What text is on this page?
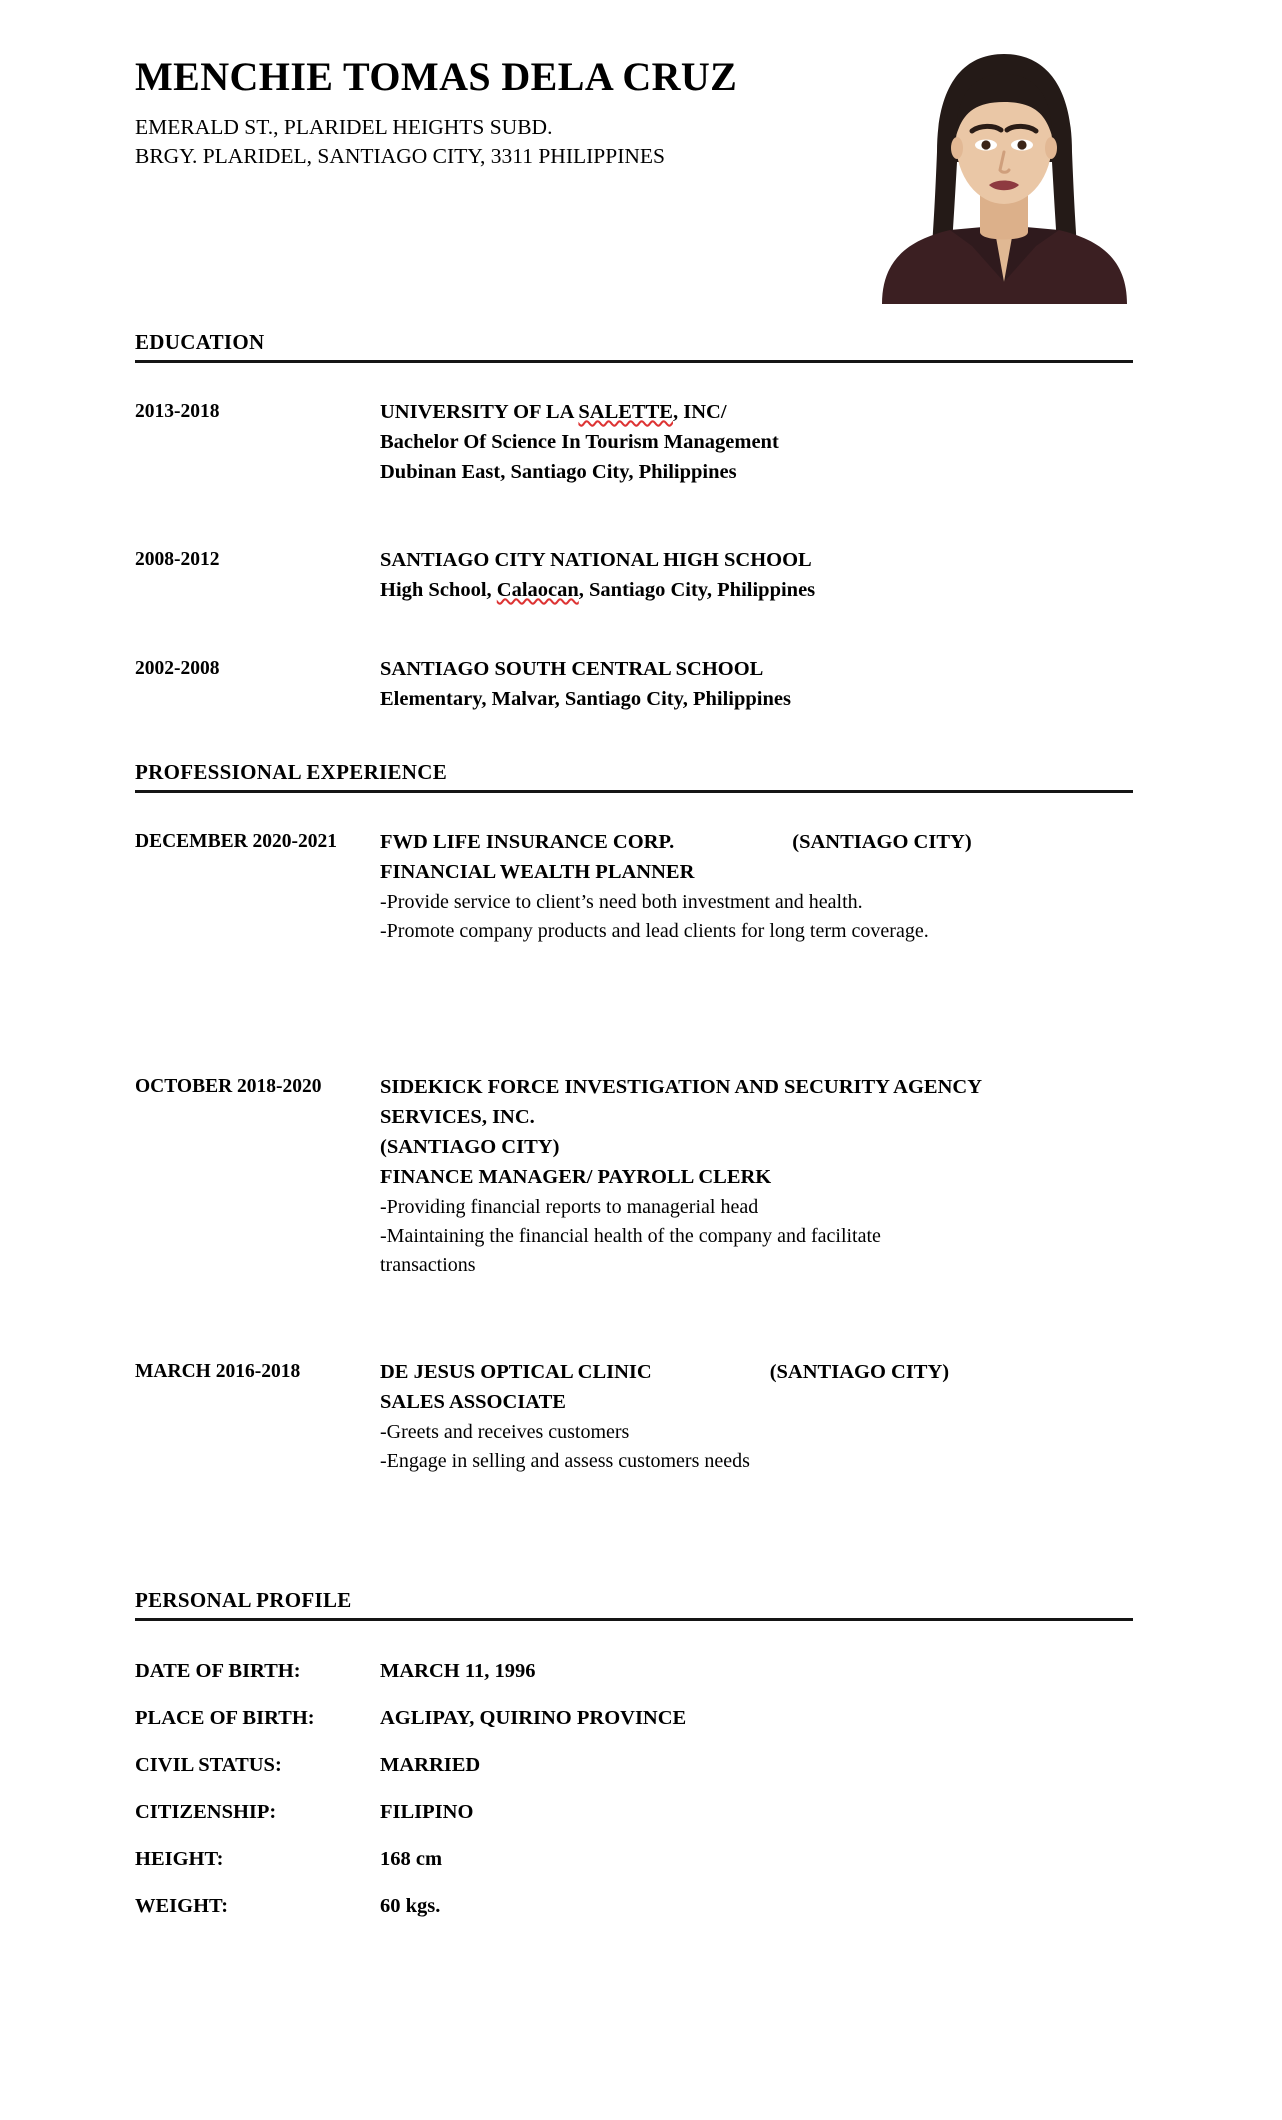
MENCHIE TOMAS DELA CRUZ
EMERALD ST., PLARIDEL HEIGHTS SUBD.
BRGY. PLARIDEL, SANTIAGO CITY, 3311 PHILIPPINES
EDUCATION
2013-2018	UNIVERSITY OF LA SALETTE, INC/
Bachelor Of Science In Tourism Management
Dubinan East, Santiago City, Philippines
2008-2012	SANTIAGO CITY NATIONAL HIGH SCHOOL
High School, Calaocan, Santiago City, Philippines
2002-2008	SANTIAGO SOUTH CENTRAL SCHOOL
Elementary, Malvar, Santiago City, Philippines
PROFESSIONAL EXPERIENCE
DECEMBER 2020-2021	FWD LIFE INSURANCE CORP.	(SANTIAGO CITY)
FINANCIAL WEALTH PLANNER
-Provide service to client’s need both investment and health.
-Promote company products and lead clients for long term coverage.
OCTOBER 2018-2020	SIDEKICK FORCE INVESTIGATION AND SECURITY AGENCY SERVICES, INC.
(SANTIAGO CITY)
FINANCE MANAGER/ PAYROLL CLERK
-Providing financial reports to managerial head
-Maintaining the financial health of the company and facilitate transactions
MARCH 2016-2018	DE JESUS OPTICAL CLINIC	(SANTIAGO CITY)
SALES ASSOCIATE
-Greets and receives customers
-Engage in selling and assess customers needs
PERSONAL PROFILE
DATE OF BIRTH:	MARCH 11, 1996
PLACE OF BIRTH:	AGLIPAY, QUIRINO PROVINCE
CIVIL STATUS:	MARRIED
CITIZENSHIP:	FILIPINO
HEIGHT:	168 cm
WEIGHT:	60 kgs.
